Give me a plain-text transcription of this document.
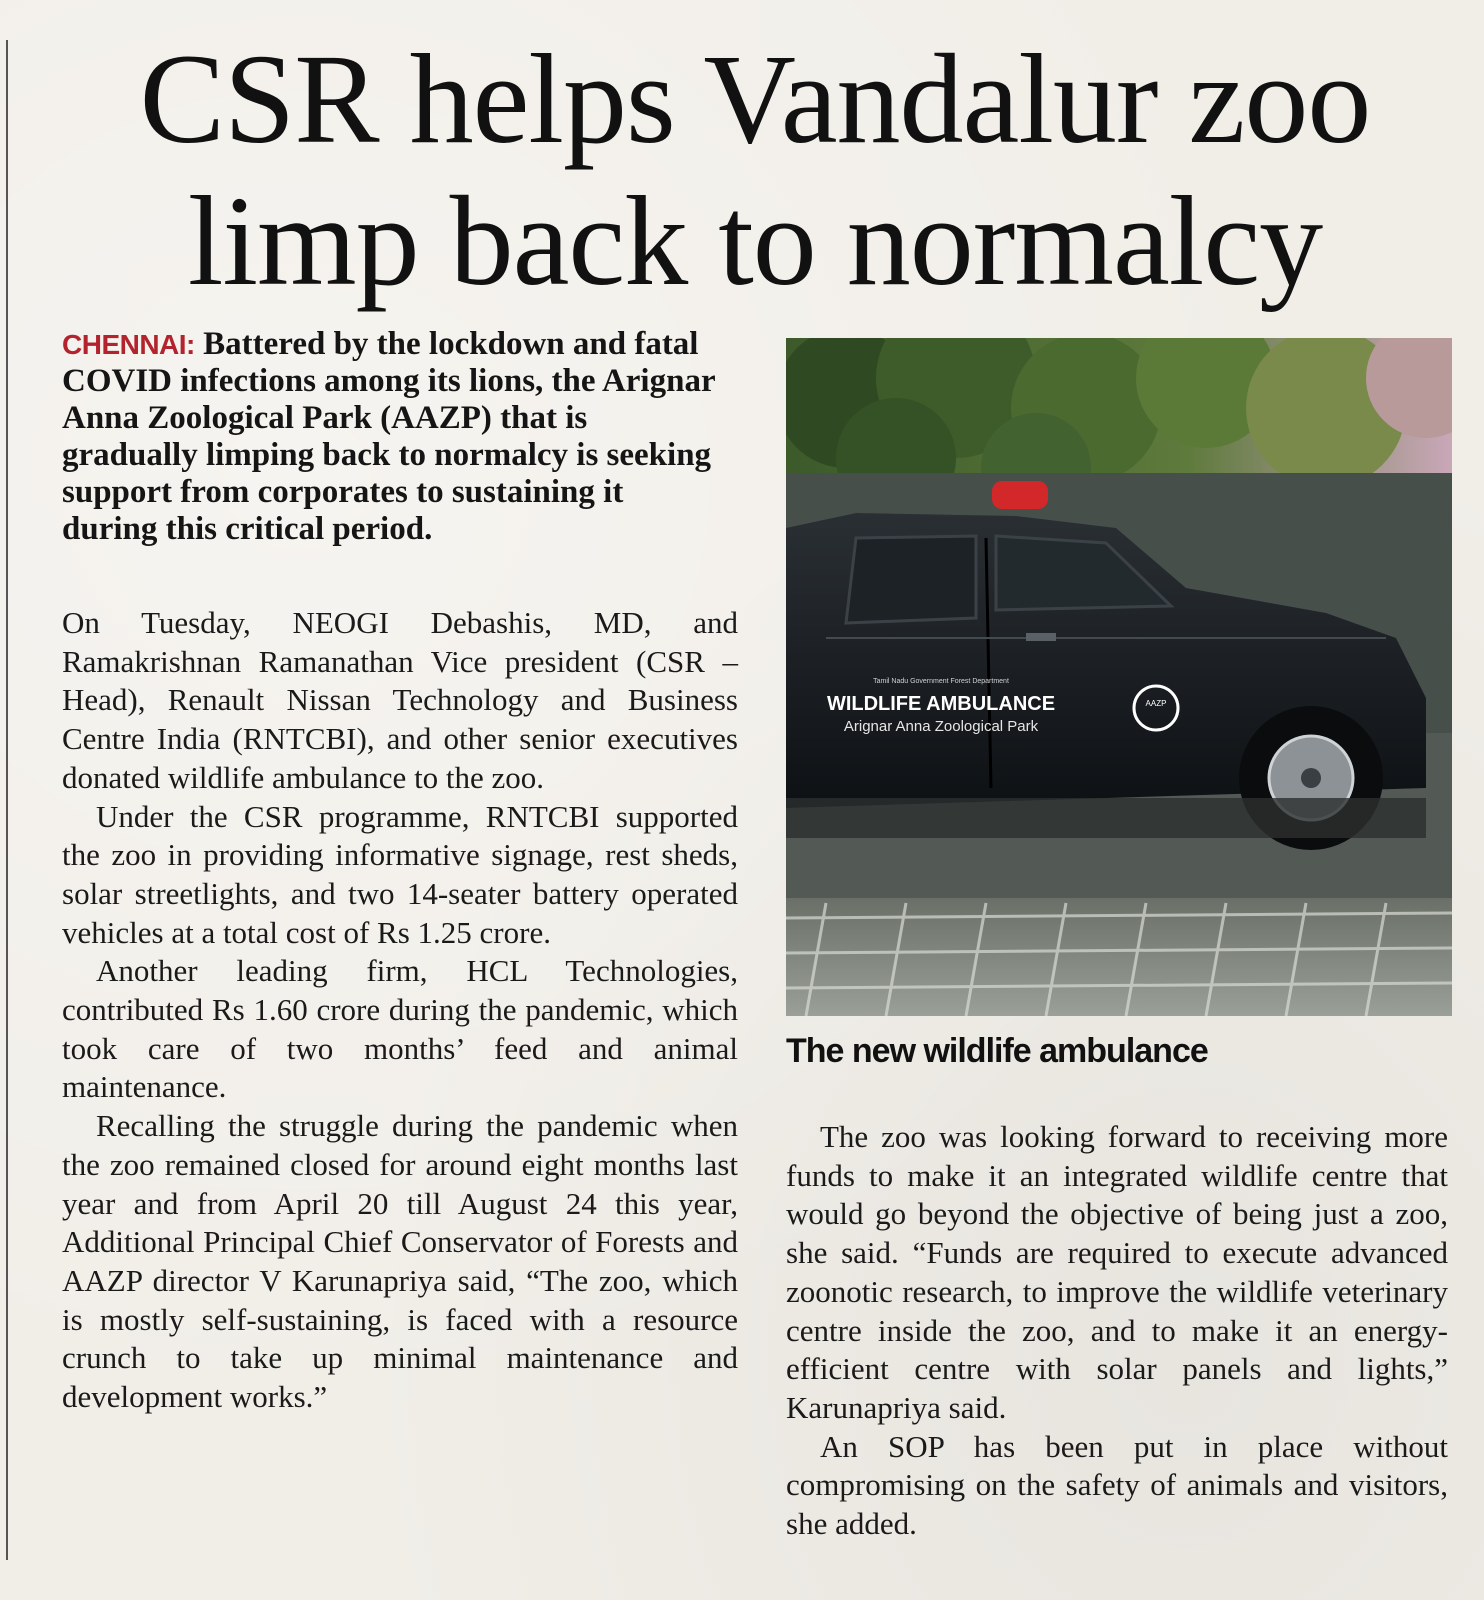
CSR helps Vandalur zoo
limp back to normalcy

CHENNAI: Battered by the lockdown and fatal COVID infections among its lions, the Arignar Anna Zoological Park (AAZP) that is gradually limping back to normalcy is seeking support from corporates to sustaining it during this critical period.

On Tuesday, NEOGI Debashis, MD, and Ramakrishnan Ramanathan Vice president (CSR –Head), Renault Nissan Technology and Business Centre India (RNTCBI), and other senior executives donated wildlife ambulance to the zoo.

Under the CSR programme, RNTCBI supported the zoo in providing informative signage, rest sheds, solar streetlights, and two 14-seater battery operated vehicles at a total cost of Rs 1.25 crore.

Another leading firm, HCL Technologies, contributed Rs 1.60 crore during the pandemic, which took care of two months’ feed and animal maintenance.

Recalling the struggle during the pandemic when the zoo remained closed for around eight months last year and from April 20 till August 24 this year, Additional Principal Chief Conservator of Forests and AAZP director V Karunapriya said, “The zoo, which is mostly self-sustaining, is faced with a resource crunch to take up minimal maintenance and development works.”

Tamil Nadu Government Forest Department
WILDLIFE AMBULANCE
Arignar Anna Zoological Park
AAZP

The new wildlife ambulance

The zoo was looking forward to receiving more funds to make it an integrated wildlife centre that would go beyond the objective of being just a zoo, she said. “Funds are required to execute advanced zoonotic research, to improve the wildlife veterinary centre inside the zoo, and to make it an energy-efficient centre with solar panels and lights,” Karunapriya said.

An SOP has been put in place without compromising on the safety of animals and visitors, she added.
